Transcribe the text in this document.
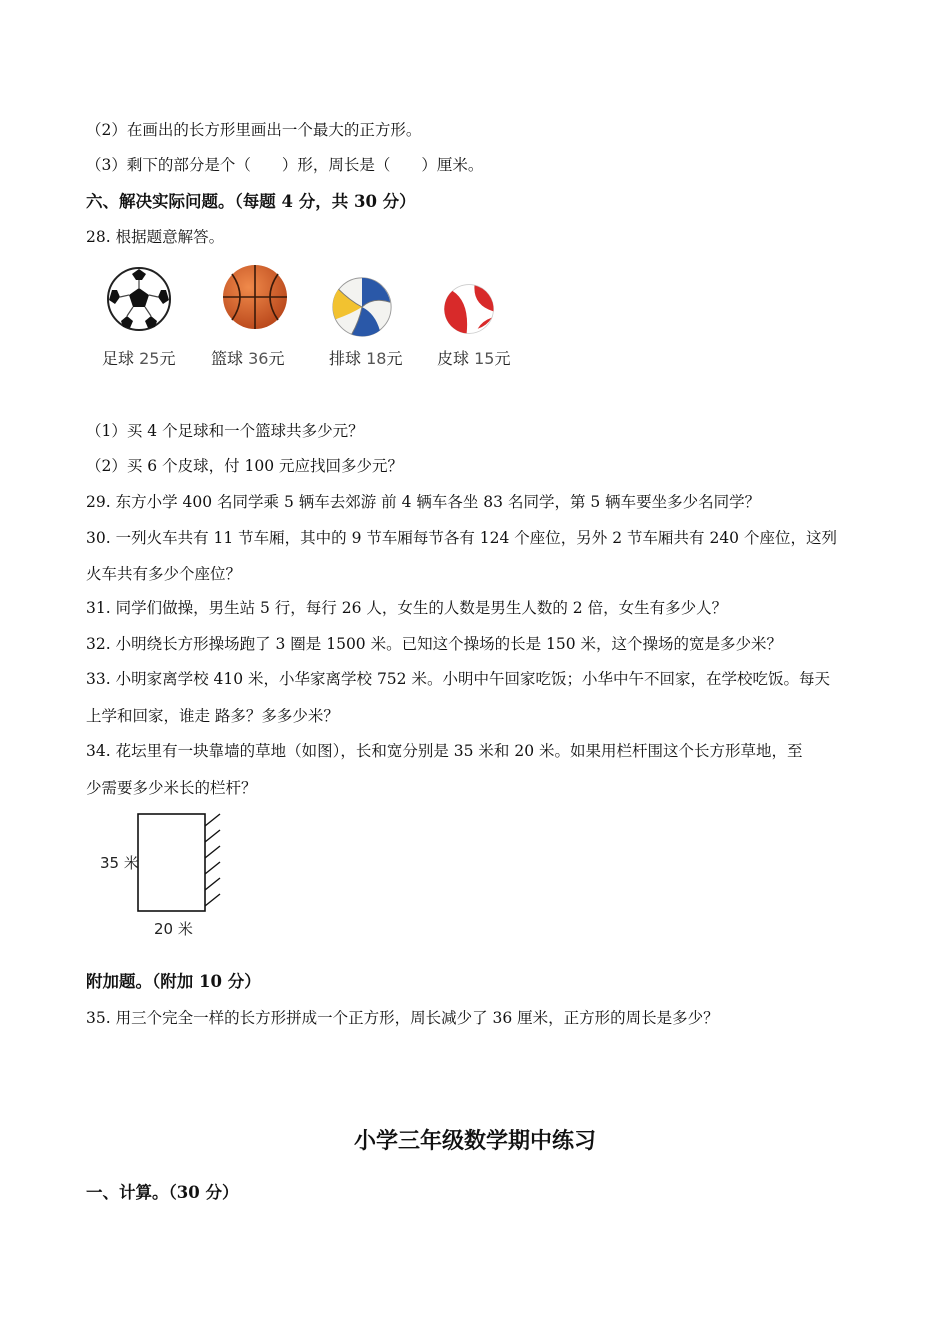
（2）在画出的长方形里画出一个最大的正方形。
（3）剩下的部分是个（　　）形，周长是（　　）厘米。
六、解决实际问题。（每题 4 分，共 30 分）
28. 根据题意解答。
足球 25元 篮球 36元	排球 18元 皮球 15元
（1）买 4 个足球和一个篮球共多少元？
（2）买 6 个皮球，付 100 元应找回多少元？
29. 东方小学 400 名同学乘 5 辆车去郊游 前 4 辆车各坐 83 名同学，第 5 辆车要坐多少名同学？
30. 一列火车共有 11 节车厢，其中的 9 节车厢每节各有 124 个座位，另外 2 节车厢共有 240 个座位，这列
火车共有多少个座位？
31. 同学们做操，男生站 5 行，每行 26 人，女生的人数是男生人数的 2 倍，女生有多少人？
32. 小明绕长方形操场跑了 3 圈是 1500 米。已知这个操场的长是 150 米，这个操场的宽是多少米？
33. 小明家离学校 410 米，小华家离学校 752 米。小明中午回家吃饭；小华中午不回家，在学校吃饭。每天
上学和回家，谁走 路多？多多少米？
34. 花坛里有一块靠墙的草地（如图），长和宽分别是 35 米和 20 米。如果用栏杆围这个长方形草地，至
少需要多少米长的栏杆？
35 米
20 米
附加题。（附加 10 分）
35. 用三个完全一样的长方形拼成一个正方形，周长减少了 36 厘米，正方形的周长是多少？
小学三年级数学期中练习
一、计算。（30 分）
